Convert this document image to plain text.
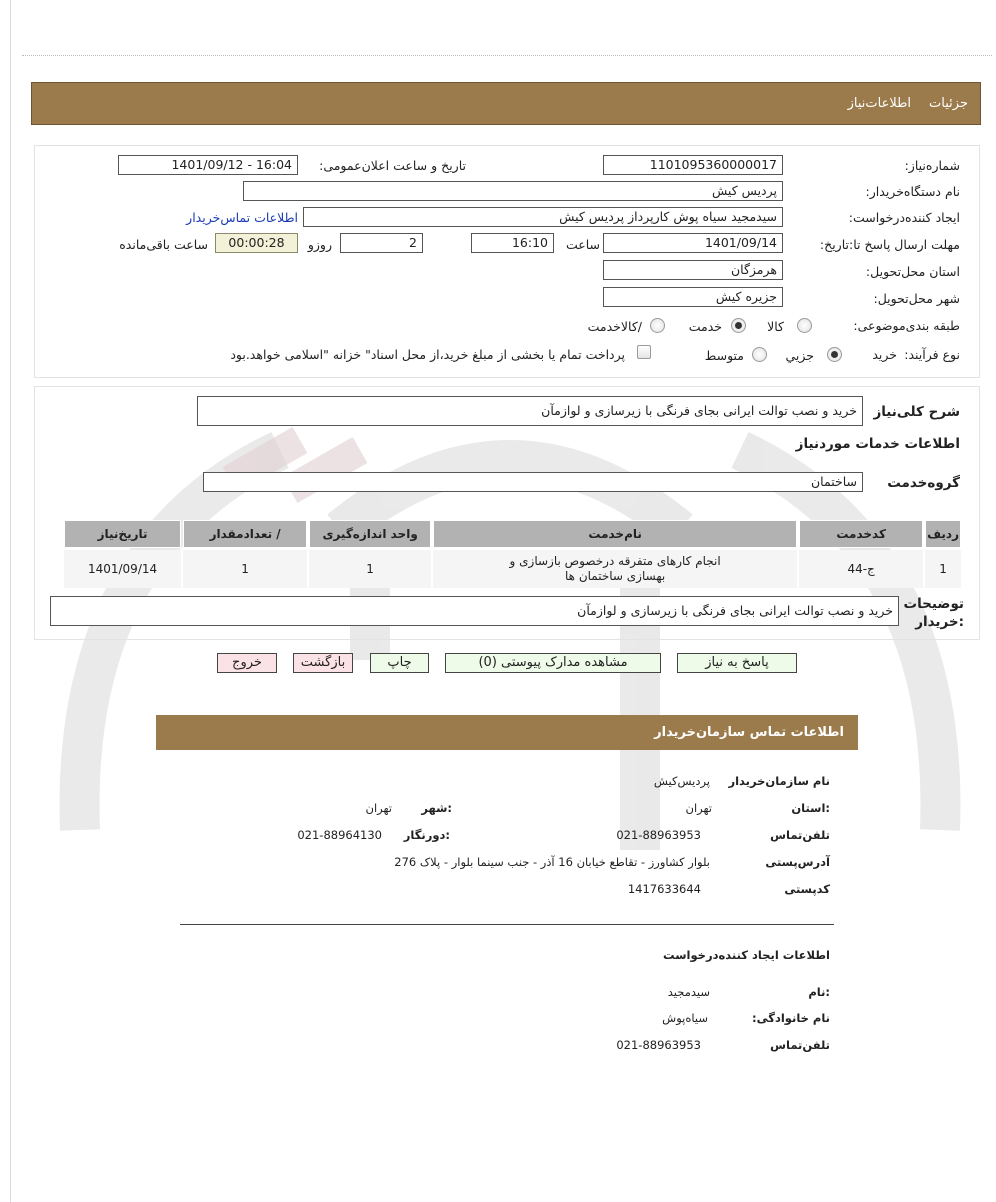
جزئیات
اطلاعات‌نیاز
شماره‌نیاز:
1101095360000017
تاریخ و ساعت اعلان‌عمومی:
1401/09/12 - 16:04
نام دستگاه‌خریدار:
پردیس کیش
ایجاد کننده‌درخواست:
سیدمجید سیاه پوش کارپرداز پردیس کیش
اطلاعات تماس‌خریدار
مهلت ارسال پاسخ تا:تاریخ:
1401/09/14
ساعت
16:10
روزو	2
00:00:28
ساعت باقی‌مانده
استان محل‌تحویل:
هرمزگان
شهر محل‌تحویل:
جزیره کیش
طبقه بندی‌موضوعی:
کالا
خدمت
/کالاخدمت
نوع فرآیند:
خرید
جزیي
متوسط
پرداخت تمام یا بخشی از مبلغ خرید،از محل اسناد" خزانه "اسلامی خواهد.بود
شرح کلی‌نیاز
خرید و نصب توالت ایرانی بجای فرنگی با زیرسازی و لوازمآن
اطلاعات خدمات موردنیاز
گروه‌خدمت
ساختمان
ردیف	کدخدمت	نام‌خدمت	واحد اندازه‌گیری	/ تعدادمقدار	تاریخ‌نیاز
1	ج-44	انجام کارهای متفرقه درخصوص بازسازی و بهسازی ساختمان ها	1	1	1401/09/14
توضیحات :خریدار
خرید و نصب توالت ایرانی بجای فرنگی با زیرسازی و لوازمآن
پاسخ به نیاز
مشاهده مدارک پیوستی (0)
چاپ
بازگشت
خروج
اطلاعات تماس سازمان‌خریدار
نام سازمان‌خریدار
پردیس‌کیش
:استان
تهران
:شهر
تهران
تلفن‌تماس
021-88963953
:دورنگار
021-88964130
آدرس‌پستی
بلوار کشاورز - تقاطع خیابان 16 آذر - جنب سینما بلوار - پلاک 276
کد‌پستی
1417633644
اطلاعات ایجاد کننده‌درخواست
:نام
سیدمجید
نام خانوادگی:
سیاه‌پوش
تلفن‌تماس
021-88963953
